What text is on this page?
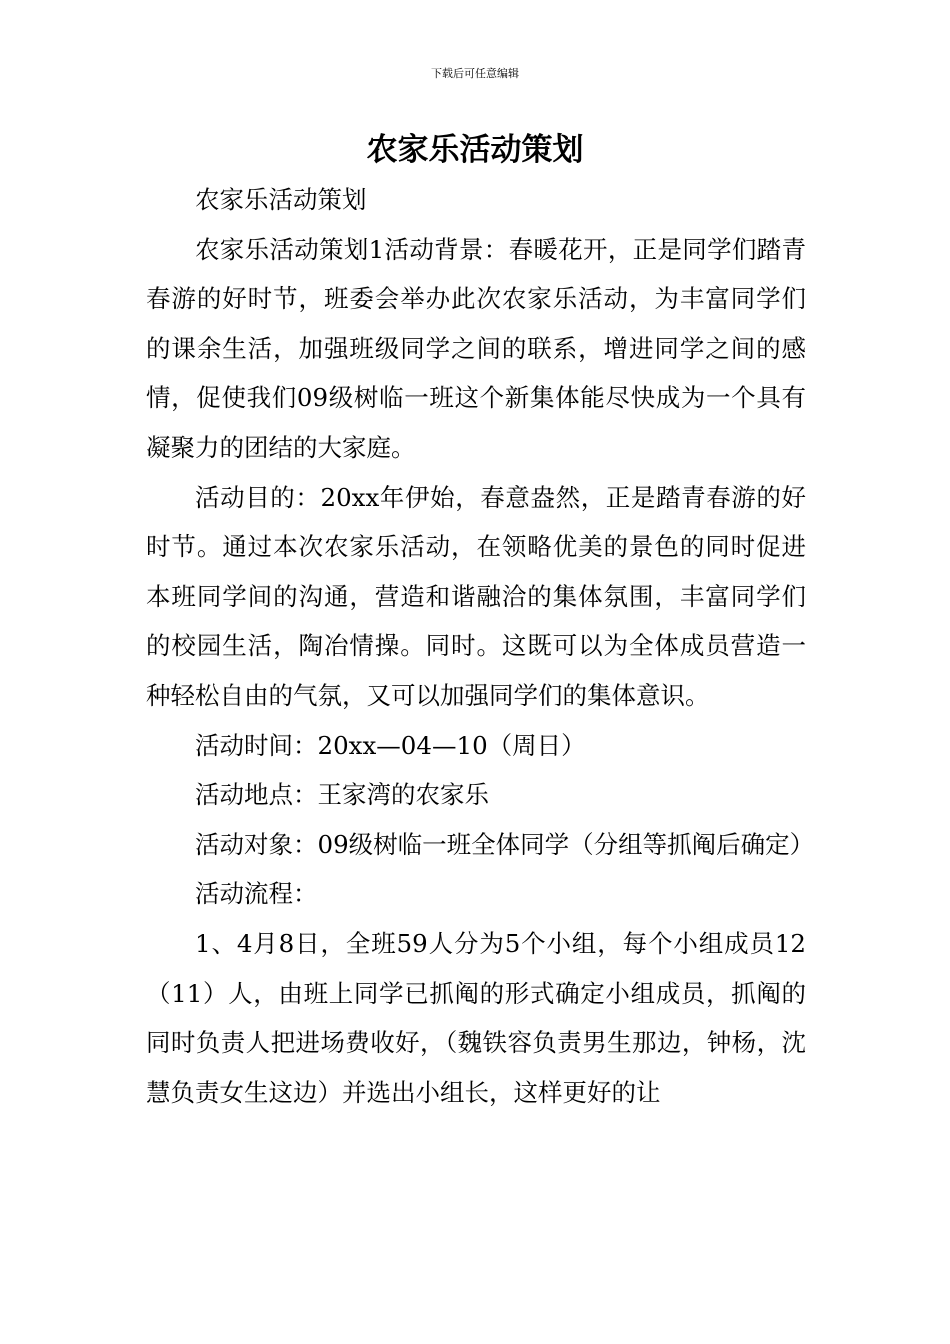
下载后可任意编辑
农家乐活动策划

农家乐活动策划

农家乐活动策划1活动背景：春暖花开，正是同学们踏青春游的好时节，班委会举办此次农家乐活动，为丰富同学们的课余生活，加强班级同学之间的联系，增进同学之间的感情，促使我们09级树临一班这个新集体能尽快成为一个具有凝聚力的团结的大家庭。

活动目的：20xx年伊始，春意盎然，正是踏青春游的好时节。通过本次农家乐活动，在领略优美的景色的同时促进本班同学间的沟通，营造和谐融洽的集体氛围，丰富同学们的校园生活，陶冶情操。同时。这既可以为全体成员营造一种轻松自由的气氛，又可以加强同学们的集体意识。

活动时间：20xx—04—10（周日）

活动地点：王家湾的农家乐

活动对象：09级树临一班全体同学（分组等抓阄后确定）

活动流程：

1、4月8日，全班59人分为5个小组，每个小组成员12（11）人，由班上同学已抓阄的形式确定小组成员，抓阄的同时负责人把进场费收好，（魏铁容负责男生那边，钟杨，沈慧负责女生这边）并选出小组长，这样更好的让
